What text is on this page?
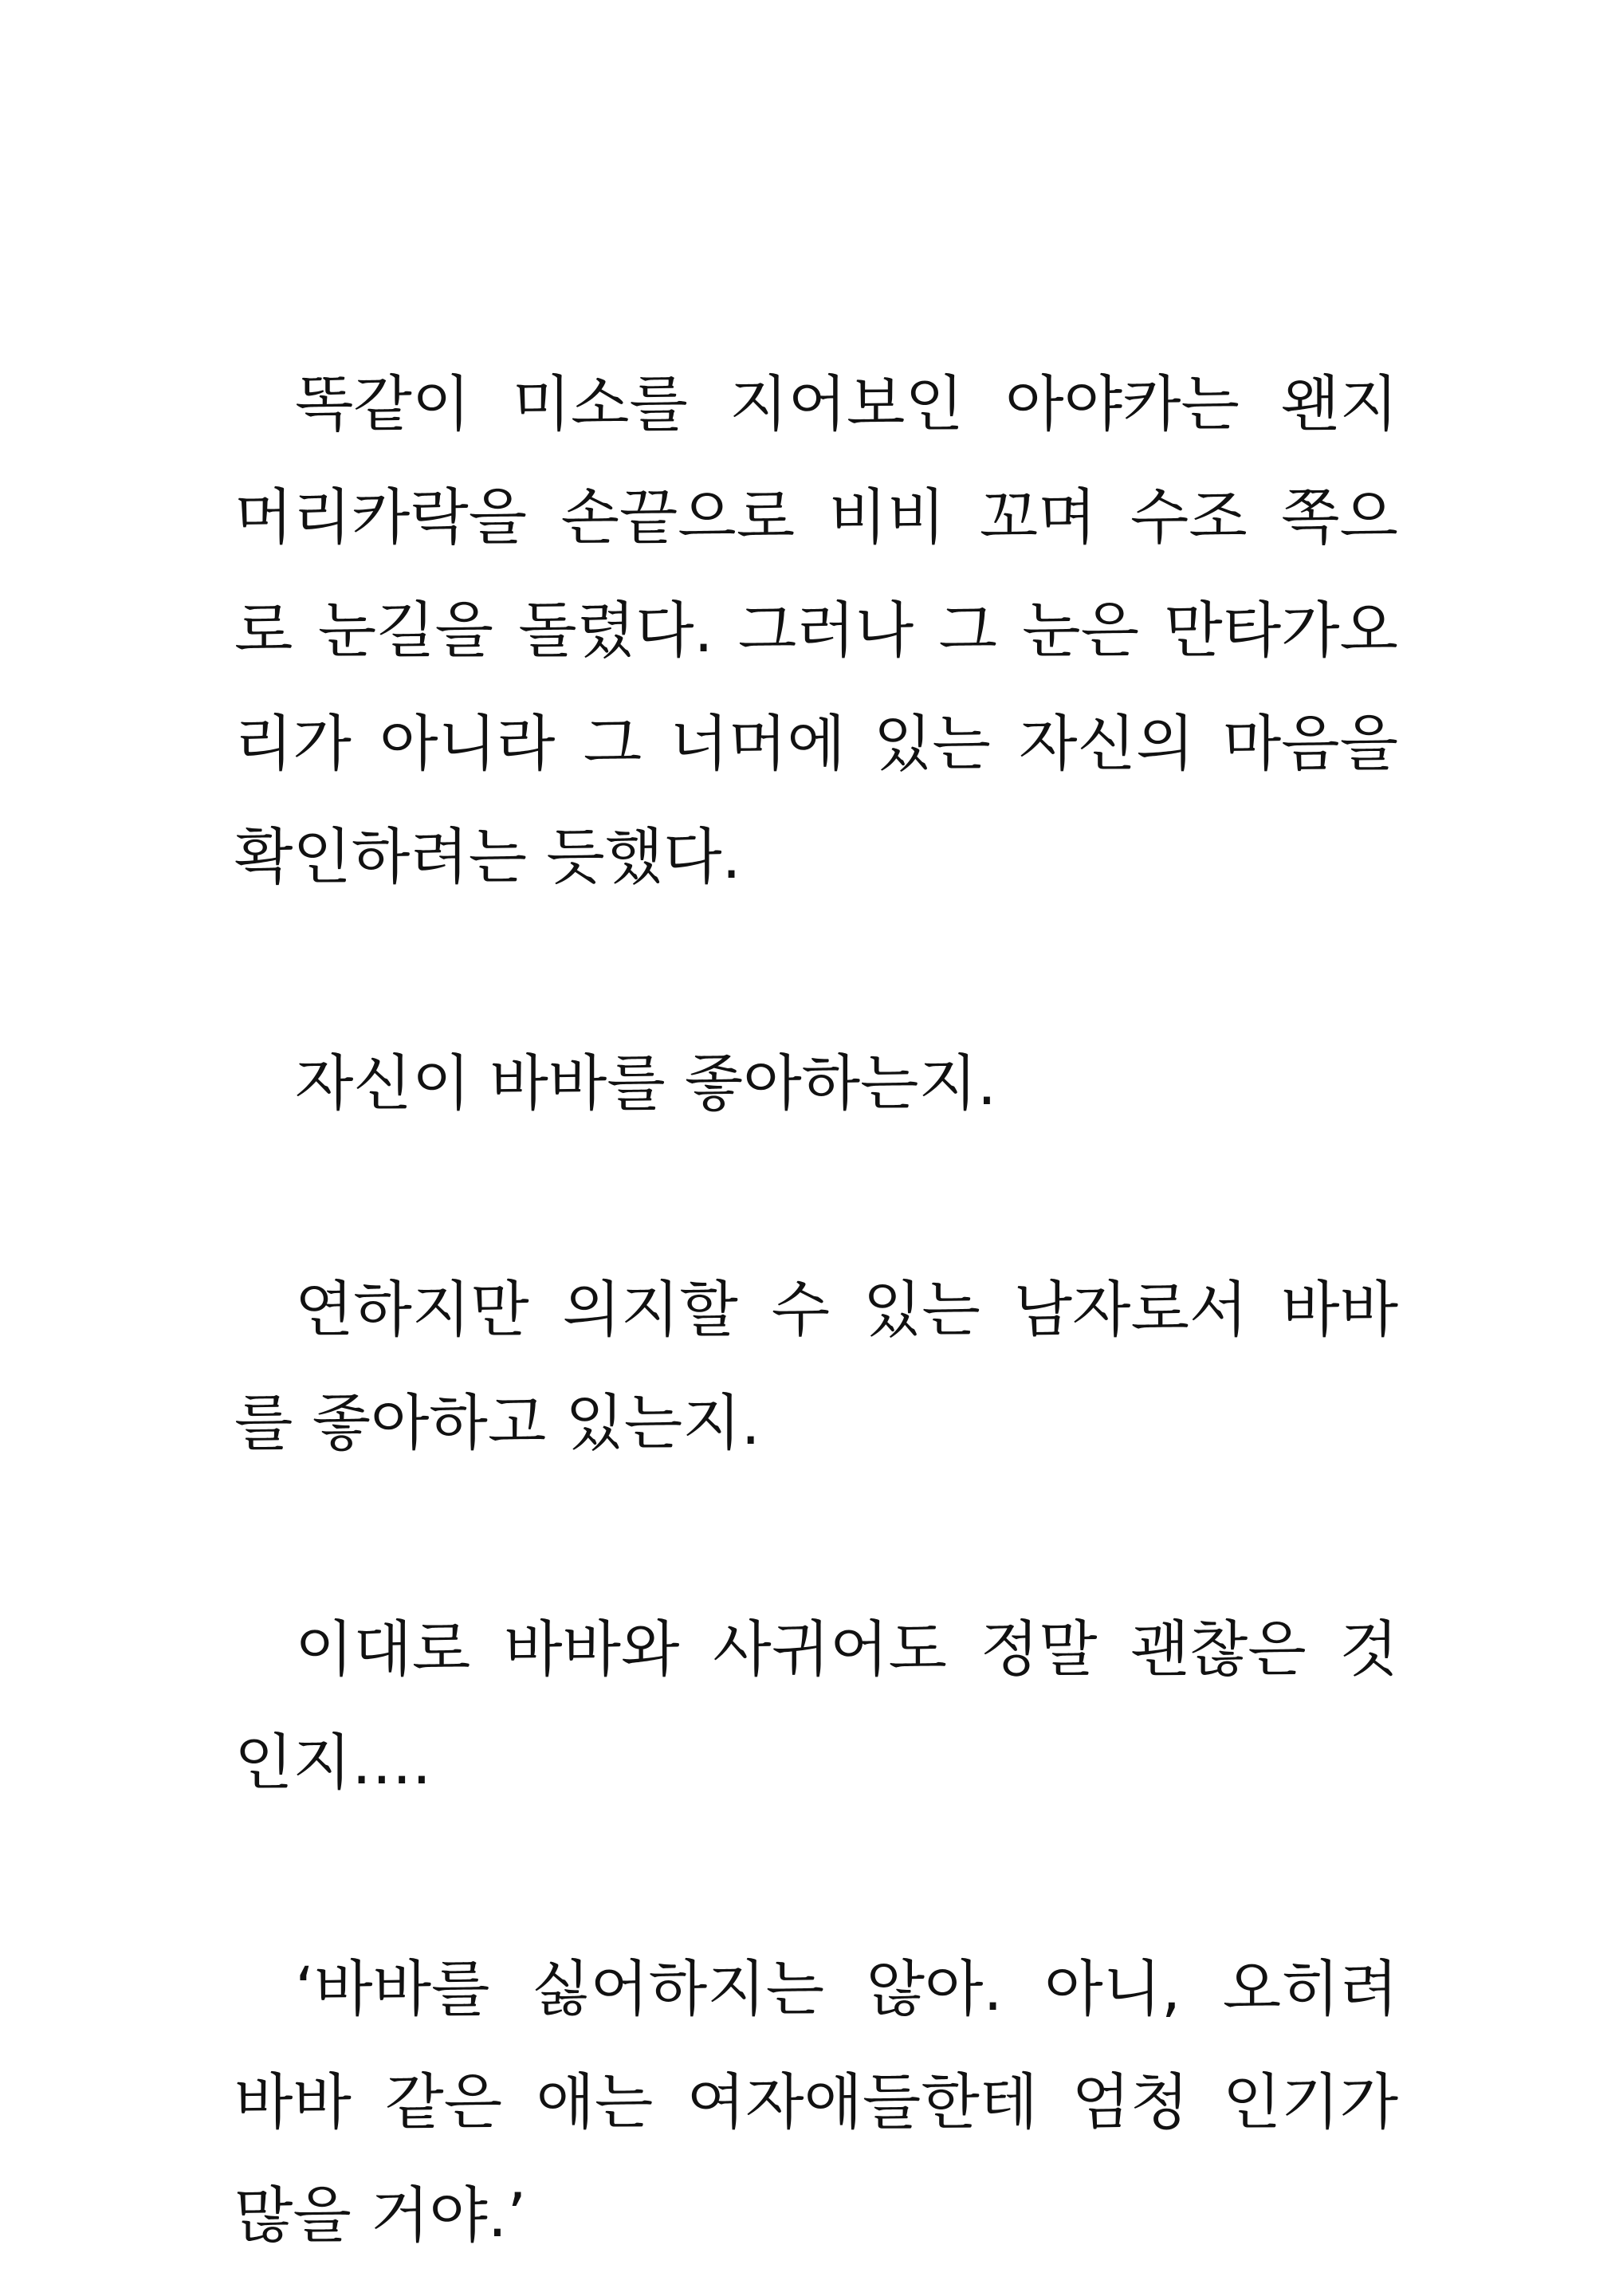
똑같이 미소를 지어보인 아야카는 왠지
머리카락을 손끝으로 비비 꼬며 수조 쪽으
로 눈길을 돌렸다. 그러나 그 눈은 만타가오
리가 아니라 그 너머에 있는 자신의 마음을
확인하려는 듯했다.
자신이 바바를 좋아하는지.
연하지만 의지할 수 있는 남자로서 바바
를 좋아하고 있는지.
이대로 바바와 사귀어도 정말 괜찮은 것
인지….
‘바바를 싫어하지는 않아. 아니, 오히려
바바 같은 애는 여자애들한테 엄청 인기가
많을 거야.’
